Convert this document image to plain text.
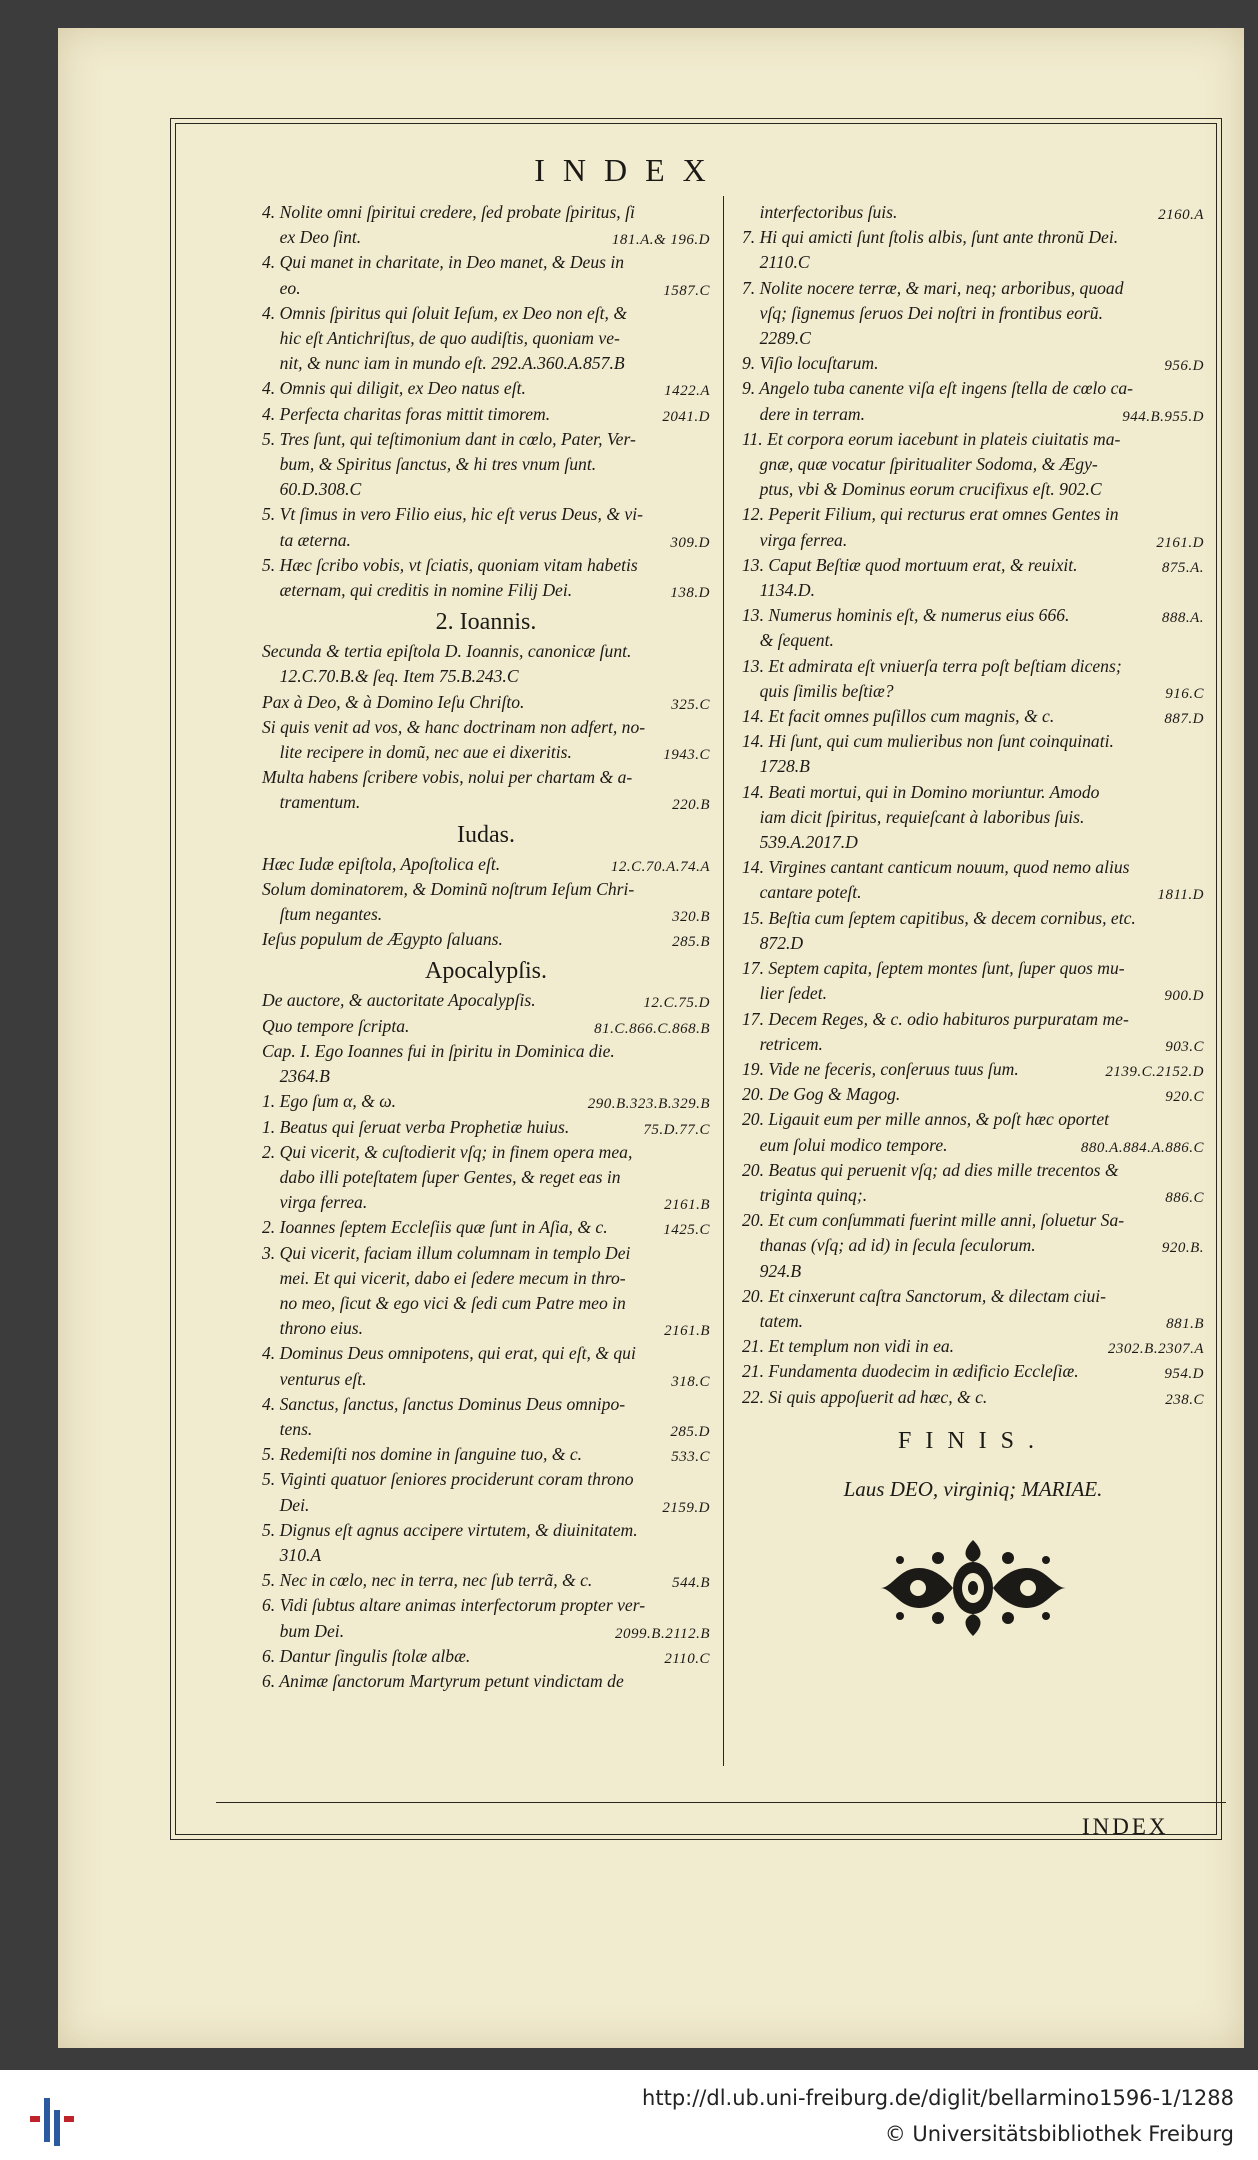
INDEX
4. Nolite omni ſpiritui credere, ſed probate ſpiritus, ſi
ex Deo ſint.	181.A.& 196.D
4. Qui manet in charitate, in Deo manet, & Deus in
eo.	1587.C
4. Omnis ſpiritus qui ſoluit Ieſum, ex Deo non eſt, &
hic eſt Antichriſtus, de quo audiſtis, quoniam ve-
nit, & nunc iam in mundo eſt. 292.A.360.A.857.B
4. Omnis qui diligit, ex Deo natus eſt.	1422.A
4. Perfecta charitas foras mittit timorem.	2041.D
5. Tres ſunt, qui teſtimonium dant in cœlo, Pater, Ver-
bum, & Spiritus ſanctus, & hi tres vnum ſunt.
60.D.308.C
5. Vt ſimus in vero Filio eius, hic eſt verus Deus, & vi-
ta æterna.	309.D
5. Hæc ſcribo vobis, vt ſciatis, quoniam vitam habetis
æternam, qui creditis in nomine Filij Dei.	138.D
2. Ioannis.
Secunda & tertia epiſtola D. Ioannis, canonicæ ſunt.
12.C.70.B.& ſeq. Item 75.B.243.C
Pax à Deo, & à Domino Ieſu Chriſto.	325.C
Si quis venit ad vos, & hanc doctrinam non adfert, no-
lite recipere in domũ, nec aue ei dixeritis.	1943.C
Multa habens ſcribere vobis, nolui per chartam & a-
tramentum.	220.B
Iudas.
Hæc Iudæ epiſtola, Apoſtolica eſt.	12.C.70.A.74.A
Solum dominatorem, & Dominũ noſtrum Ieſum Chri-
ſtum negantes.	320.B
Ieſus populum de Ægypto ſaluans.	285.B
Apocalypſis.
De auctore, & auctoritate Apocalypſis.	12.C.75.D
Quo tempore ſcripta.	81.C.866.C.868.B
Cap. I. Ego Ioannes fui in ſpiritu in Dominica die.
2364.B
1. Ego ſum α, & ω.	290.B.323.B.329.B
1. Beatus qui ſeruat verba Prophetiæ huius.	75.D.77.C
2. Qui vicerit, & cuſtodierit vſq; in finem opera mea,
dabo illi poteſtatem ſuper Gentes, & reget eas in
virga ferrea.	2161.B
2. Ioannes ſeptem Eccleſiis quæ ſunt in Aſia, & c.	1425.C
3. Qui vicerit, faciam illum columnam in templo Dei
mei. Et qui vicerit, dabo ei ſedere mecum in thro-
no meo, ſicut & ego vici & ſedi cum Patre meo in
throno eius.	2161.B
4. Dominus Deus omnipotens, qui erat, qui eſt, & qui
venturus eſt.	318.C
4. Sanctus, ſanctus, ſanctus Dominus Deus omnipo-
tens.	285.D
5. Redemiſti nos domine in ſanguine tuo, & c.	533.C
5. Viginti quatuor ſeniores prociderunt coram throno
Dei.	2159.D
5. Dignus eſt agnus accipere virtutem, & diuinitatem.
310.A
5. Nec in cœlo, nec in terra, nec ſub terrã, & c.	544.B
6. Vidi ſubtus altare animas interfectorum propter ver-
bum Dei.	2099.B.2112.B
6. Dantur ſingulis ſtolæ albæ.	2110.C
6. Animæ ſanctorum Martyrum petunt vindictam de
interfectoribus ſuis.	2160.A
7. Hi qui amicti ſunt ſtolis albis, ſunt ante thronũ Dei.
2110.C
7. Nolite nocere terræ, & mari, neq; arboribus, quoad
vſq; ſignemus ſeruos Dei noſtri in frontibus eorũ.
2289.C
9. Viſio locuſtarum.	956.D
9. Angelo tuba canente viſa eſt ingens ſtella de cœlo ca-
dere in terram.	944.B.955.D
11. Et corpora eorum iacebunt in plateis ciuitatis ma-
gnæ, quæ vocatur ſpiritualiter Sodoma, & Ægy-
ptus, vbi & Dominus eorum crucifixus eſt. 902.C
12. Peperit Filium, qui recturus erat omnes Gentes in
virga ferrea.	2161.D
13. Caput Beſtiæ quod mortuum erat, & reuixit.	875.A.
1134.D.
13. Numerus hominis eſt, & numerus eius 666.	888.A.
& ſequent.
13. Et admirata eſt vniuerſa terra poſt beſtiam dicens;
quis ſimilis beſtiæ?	916.C
14. Et facit omnes puſillos cum magnis, & c.	887.D
14. Hi ſunt, qui cum mulieribus non ſunt coinquinati.
1728.B
14. Beati mortui, qui in Domino moriuntur. Amodo
iam dicit ſpiritus, requieſcant à laboribus ſuis.
539.A.2017.D
14. Virgines cantant canticum nouum, quod nemo alius
cantare poteſt.	1811.D
15. Beſtia cum ſeptem capitibus, & decem cornibus, etc.
872.D
17. Septem capita, ſeptem montes ſunt, ſuper quos mu-
lier ſedet.	900.D
17. Decem Reges, & c. odio habituros purpuratam me-
retricem.	903.C
19. Vide ne feceris, conſeruus tuus ſum.	2139.C.2152.D
20. De Gog & Magog.	920.C
20. Ligauit eum per mille annos, & poſt hæc oportet
eum ſolui modico tempore.	880.A.884.A.886.C
20. Beatus qui peruenit vſq; ad dies mille trecentos &
triginta quinq;.	886.C
20. Et cum conſummati fuerint mille anni, ſoluetur Sa-
thanas (vſq; ad id) in ſecula ſeculorum.	920.B.
924.B
20. Et cinxerunt caſtra Sanctorum, & dilectam ciui-
tatem.	881.B
21. Et templum non vidi in ea.	2302.B.2307.A
21. Fundamenta duodecim in ædificio Eccleſiæ.	954.D
22. Si quis appoſuerit ad hæc, & c.	238.C
FINIS.
Laus DEO, virginiq; MARIAE.
INDEX
http://dl.ub.uni-freiburg.de/diglit/bellarmino1596-1/1288
© Universitätsbibliothek Freiburg
